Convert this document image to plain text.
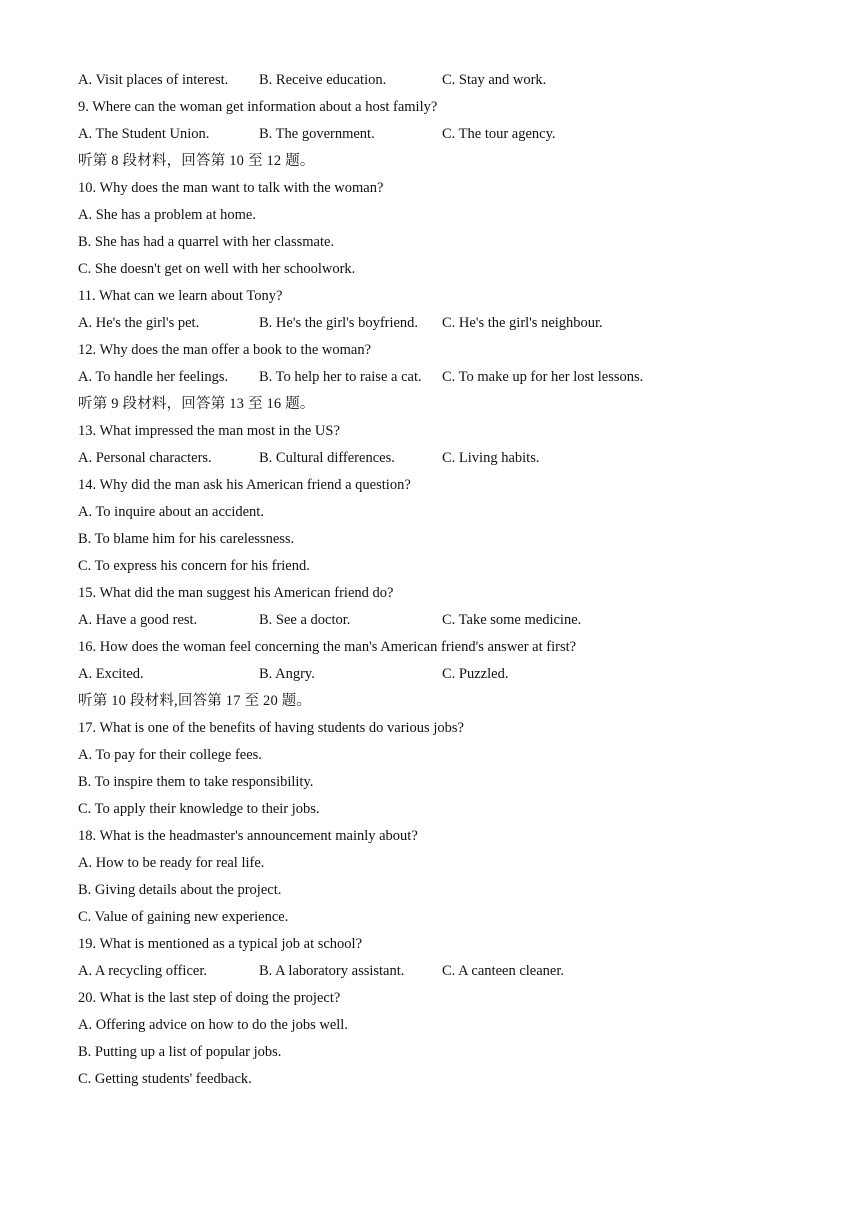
A. Visit places of interest. B. Receive education.	C. Stay and work.
9. Where can the woman get information about a host family?
A. The Student Union.	B. The government.	C. The tour agency.
听第 8 段材料，回答第 10 至 12 题。
10. Why does the man want to talk with the woman?
A. She has a problem at home.
B. She has had a quarrel with her classmate.
C. She doesn't get on well with her schoolwork.
11. What can we learn about Tony?
A. He's the girl's pet.	B. He's the girl's boyfriend. C. He's the girl's neighbour.
12. Why does the man offer a book to the woman?
A. To handle her feelings. B. To help her to raise a cat. C. To make up for her lost lessons.
听第 9 段材料，回答第 13 至 16 题。
13. What impressed the man most in the US?
A. Personal characters.	B. Cultural differences.	C. Living habits.
14. Why did the man ask his American friend a question?
A. To inquire about an accident.
B. To blame him for his carelessness.
C. To express his concern for his friend.
15. What did the man suggest his American friend do?
A. Have a good rest.	B. See a doctor.	C. Take some medicine.
16. How does the woman feel concerning the man's American friend's answer at first?
A. Excited.	B. Angry.	C. Puzzled.
听第 10 段材料,回答第 17 至 20 题。
17. What is one of the benefits of having students do various jobs?
A. To pay for their college fees.
B. To inspire them to take responsibility.
C. To apply their knowledge to their jobs.
18. What is the headmaster's announcement mainly about?
A. How to be ready for real life.
B. Giving details about the project.
C. Value of gaining new experience.
19. What is mentioned as a typical job at school?
A. A recycling officer.	B. A laboratory assistant.	C. A canteen cleaner.
20. What is the last step of doing the project?
A. Offering advice on how to do the jobs well.
B. Putting up a list of popular jobs.
C. Getting students' feedback.
